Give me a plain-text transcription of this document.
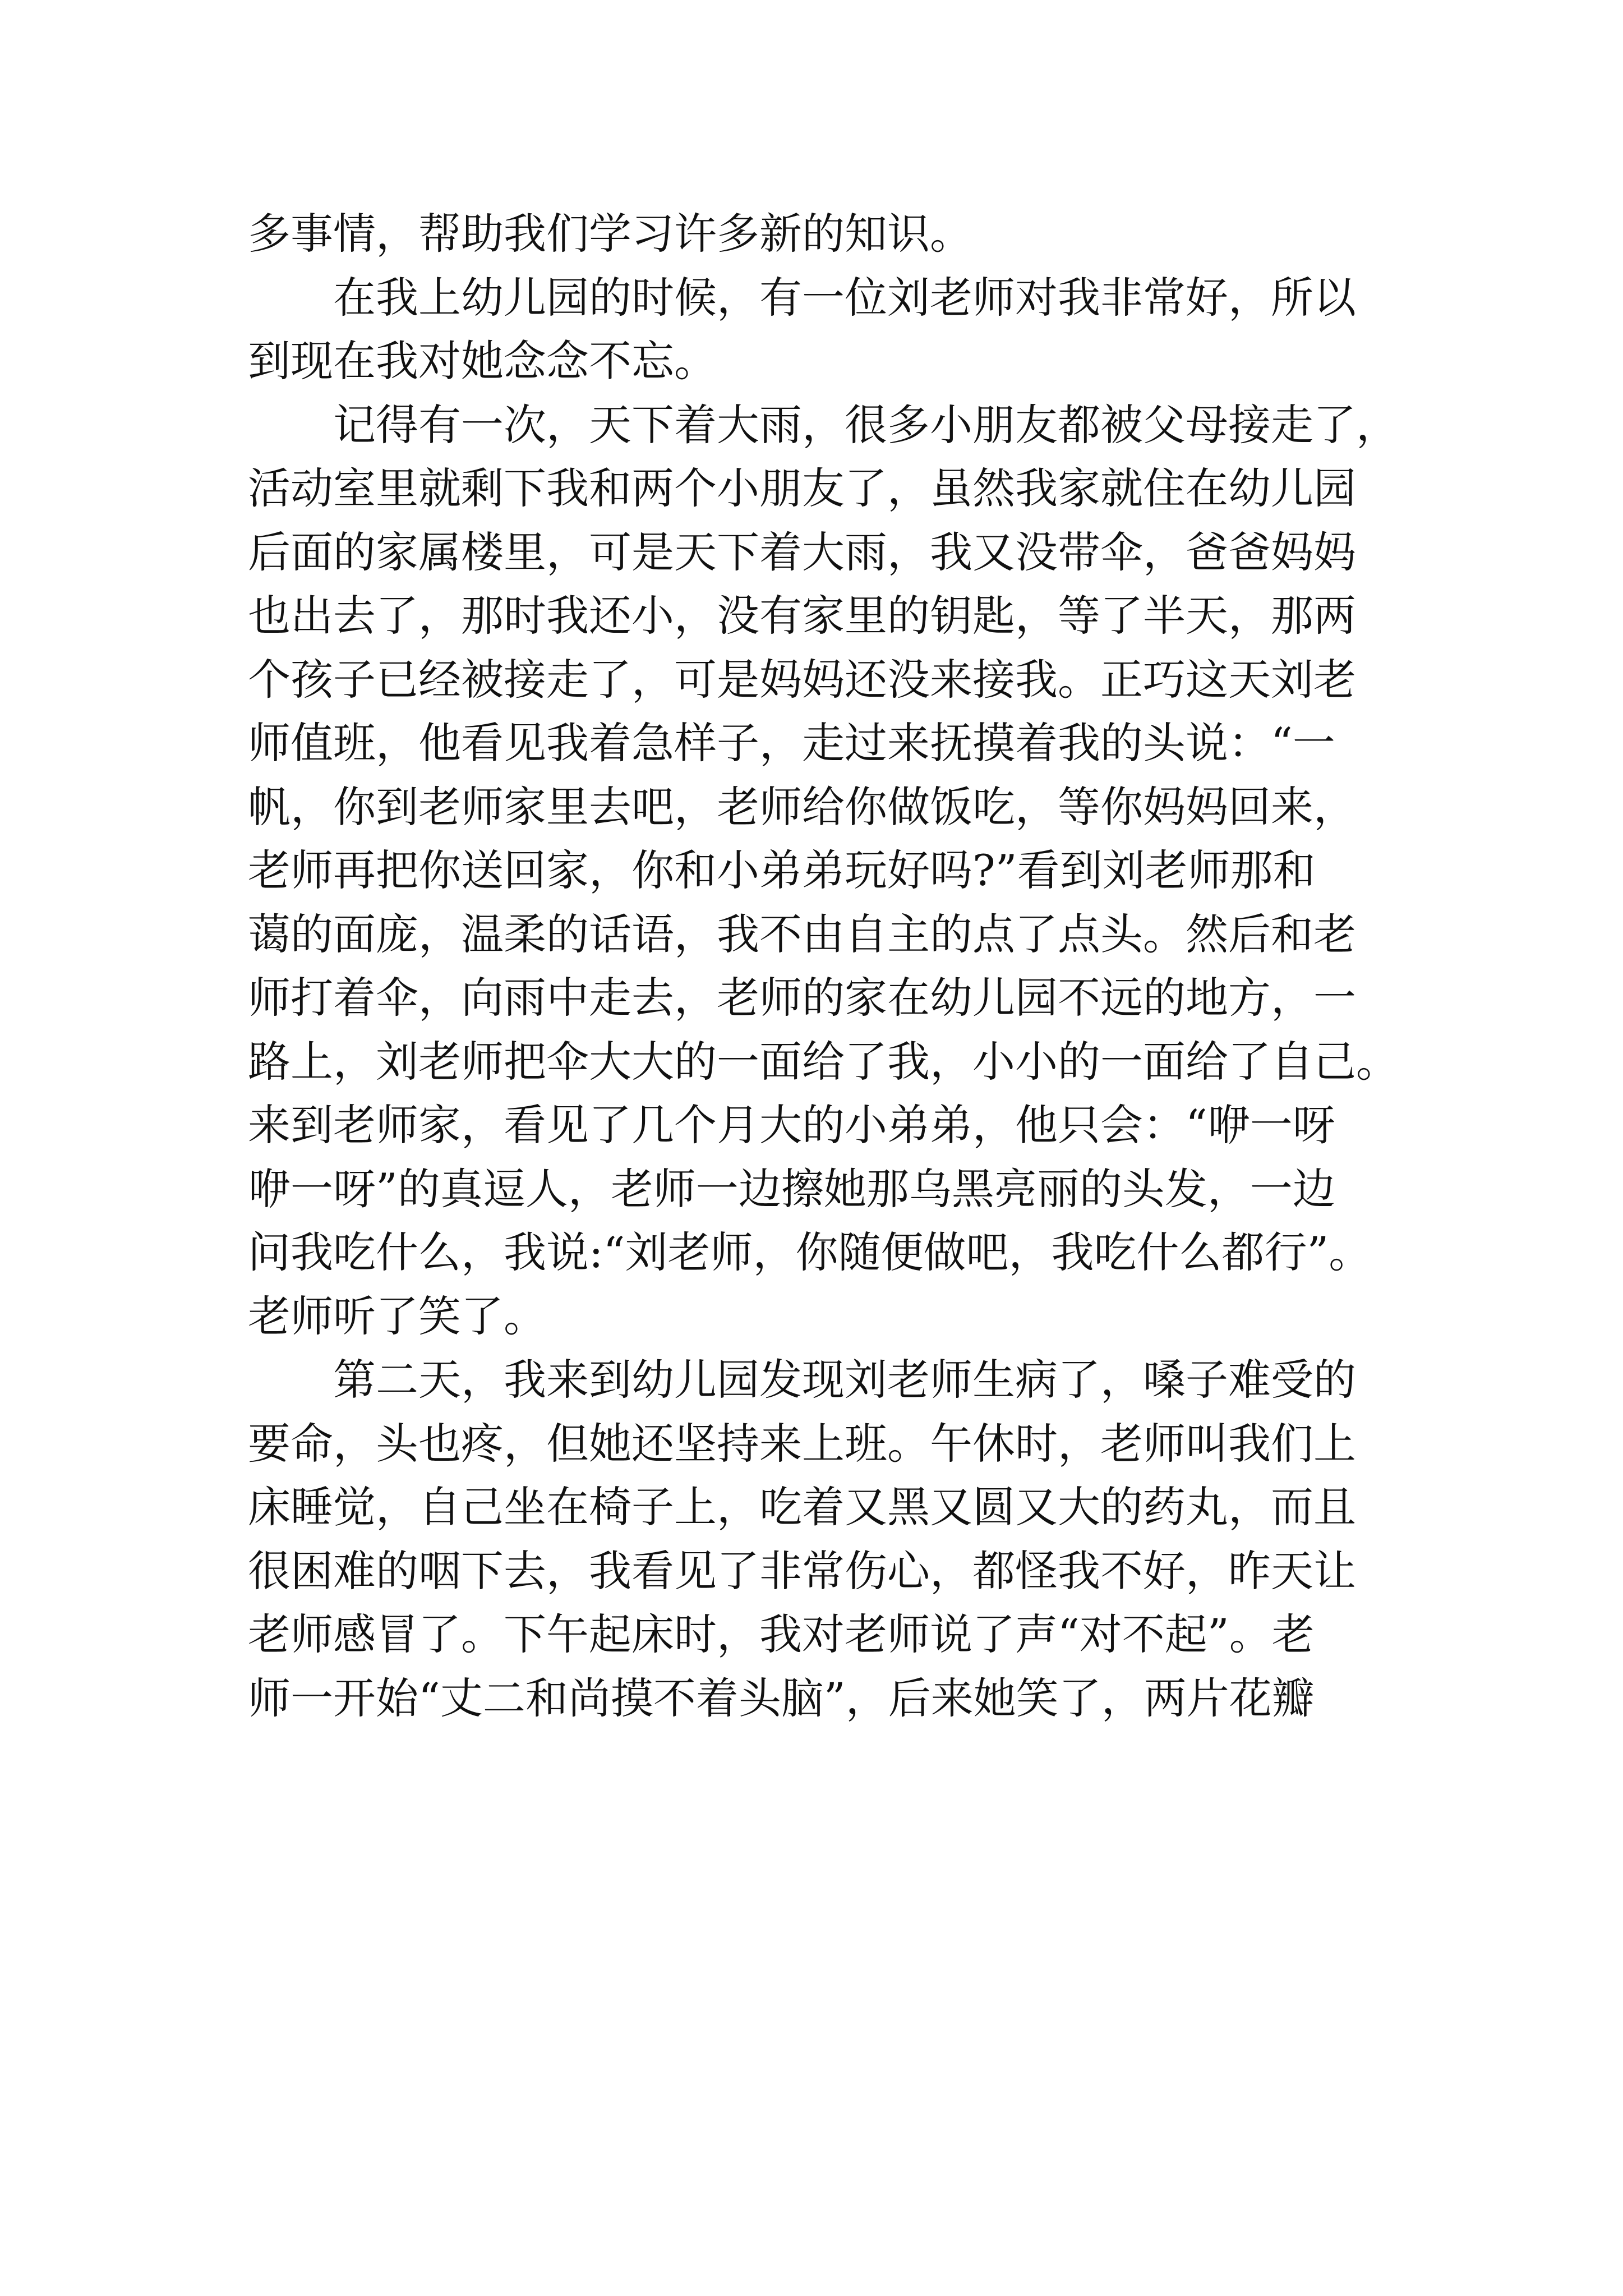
多事情，帮助我们学习许多新的知识。
在我上幼儿园的时候，有一位刘老师对我非常好，所以
到现在我对她念念不忘。
记得有一次，天下着大雨，很多小朋友都被父母接走了，
活动室里就剩下我和两个小朋友了，虽然我家就住在幼儿园
后面的家属楼里，可是天下着大雨，我又没带伞，爸爸妈妈
也出去了，那时我还小，没有家里的钥匙，等了半天，那两
个孩子已经被接走了，可是妈妈还没来接我。正巧这天刘老
师值班，他看见我着急样子，走过来抚摸着我的头说：“一
帆，你到老师家里去吧，老师给你做饭吃，等你妈妈回来，
老师再把你送回家，你和小弟弟玩好吗?”看到刘老师那和
蔼的面庞，温柔的话语，我不由自主的点了点头。然后和老
师打着伞，向雨中走去，老师的家在幼儿园不远的地方，一
路上，刘老师把伞大大的一面给了我，小小的一面给了自己。
来到老师家，看见了几个月大的小弟弟，他只会：“咿一呀
咿一呀”的真逗人，老师一边擦她那乌黑亮丽的头发，一边
问我吃什么，我说:“刘老师，你随便做吧，我吃什么都行”。
老师听了笑了。
第二天，我来到幼儿园发现刘老师生病了，嗓子难受的
要命，头也疼，但她还坚持来上班。午休时，老师叫我们上
床睡觉，自己坐在椅子上，吃着又黑又圆又大的药丸，而且
很困难的咽下去，我看见了非常伤心，都怪我不好，昨天让
老师感冒了。下午起床时，我对老师说了声“对不起”。老
师一开始“丈二和尚摸不着头脑”，后来她笑了，两片花瓣
